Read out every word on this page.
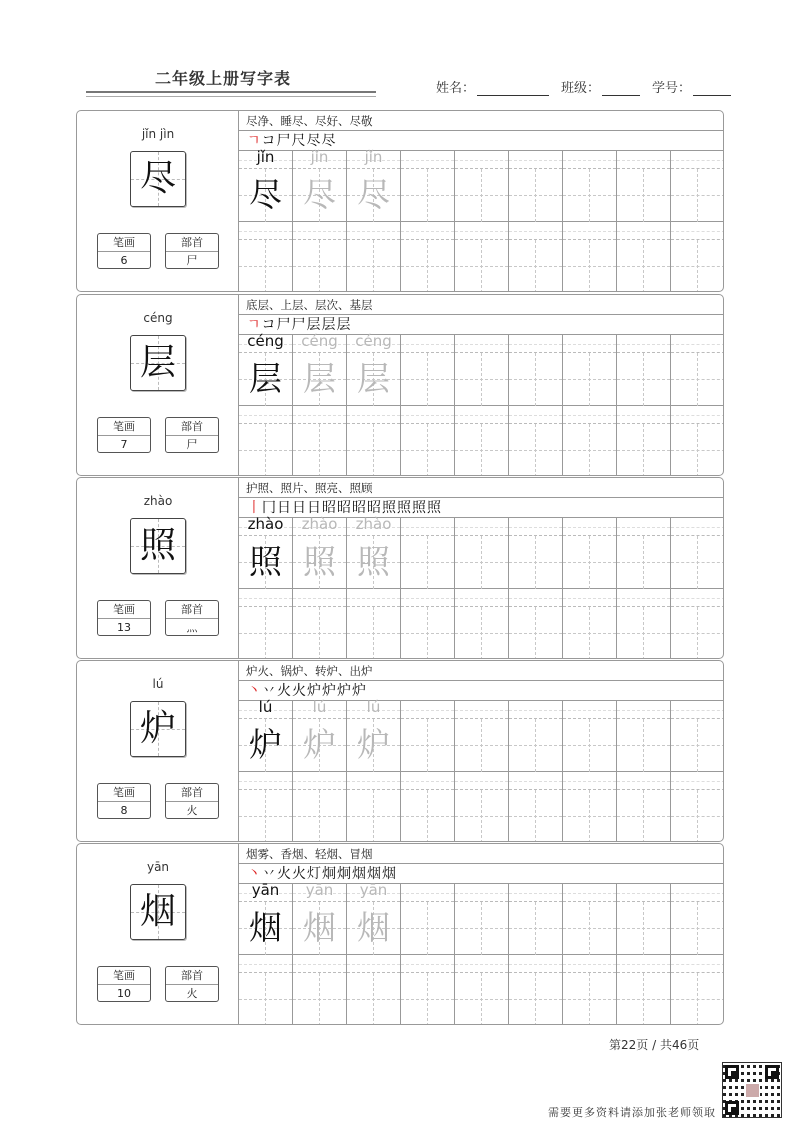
二年级上册写字表
姓名：	班级：	学号：
jǐn jìn
尽
笔画
6
部首
尸
尽净、睡尽、尽好、尽敬
ㄱコ尸尺尽尽
jǐn
尽
jǐn
尽
jǐn
尽
céng
层
笔画
7
部首
尸
底层、上层、层次、基层
ㄱコ尸尸层层层
céng
层
céng
层
céng
层
zhào
照
笔画
13
部首
灬
护照、照片、照亮、照顾
丨冂日日日昭昭昭昭照照照照
zhào
照
zhào
照
zhào
照
lú
炉
笔画
8
部首
火
炉火、锅炉、转炉、出炉
丶丷火火炉炉炉炉
lú
炉
lú
炉
lú
炉
yān
烟
笔画
10
部首
火
烟雾、香烟、轻烟、冒烟
丶丷火火灯炯炯烟烟烟
yān
烟
yān
烟
yān
烟
第22页 / 共46页
需要更多资料请添加张老师领取
